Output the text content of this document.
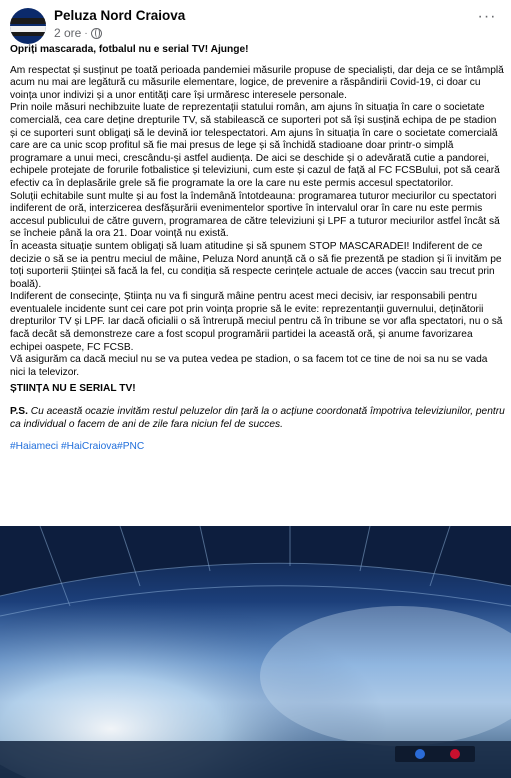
Peluza Nord Craiova
2 ore ·
···

Opriți mascarada, fotbalul nu e serial TV! Ajunge!

Am respectat și susținut pe toată perioada pandemiei măsurile propuse de specialiști, dar deja ce se întâmplă acum nu mai are legătură cu măsurile elementare, logice, de prevenire a răspândirii Covid-19, ci doar cu voința unor indivizi și a unor entități care își urmăresc interesele personale.

Prin noile măsuri nechibzuite luate de reprezentații statului român, am ajuns în situația în care o societate comercială, cea care deține drepturile TV, să stabilească ce suporteri pot să își susțină echipa de pe stadion și ce suporteri sunt obligați să le devină ior telespectatori. Am ajuns în situația în care o societate comercială care are ca unic scop profitul să fie mai presus de lege și să închidă stadioane doar printr-o simplă programare a unui meci, crescându-și astfel audiența. De aici se deschide și o adevărată cutie a pandorei, echipele protejate de forurile fotbalistice și televiziuni, cum este și cazul de față al FC FCSBului, pot să ceară efectiv ca în deplasările grele să fie programate la ore la care nu este permis accesul spectatorilor.

Soluții echitabile sunt multe și au fost la îndemână întotdeauna: programarea tuturor meciurilor cu spectatori indiferent de oră, interzicerea desfășurării evenimentelor sportive în intervalul orar în care nu este permis accesul publicului de către guvern, programarea de către televiziuni și LPF a tuturor meciurilor astfel încât să se încheie până la ora 21. Doar voință nu există.

În aceasta situație suntem obligați să luam atitudine și să spunem STOP MASCARADEI! Indiferent de ce decizie o să se ia pentru meciul de mâine, Peluza Nord anunță că o să fie prezentă pe stadion și îi invităm pe toți suporterii Științei să facă la fel, cu condiția să respecte cerințele actuale de acces (vaccin sau trecut prin boală).

Indiferent de consecințe, Știința nu va fi singură mâine pentru acest meci decisiv, iar responsabili pentru eventualele incidente sunt cei care pot prin voința proprie să le evite: reprezentanții guvernului, deținătorii drepturilor TV și LPF. Iar dacă oficialii o să întrerupă meciul pentru că în tribune se vor afla spectatori, nu o să facă decât să demonstreze care a fost scopul programării partidei la această oră, și anume favorizarea echipei oaspete, FC FCSB.

Vă asigurăm ca dacă meciul nu se va putea vedea pe stadion, o sa facem tot ce tine de noi sa nu se vada nici la televizor.

ȘTIINȚA NU E SERIAL TV!

P.S. Cu această ocazie invităm restul peluzelor din țară la o acțiune coordonată împotriva televiziunilor, pentru ca individual o facem de ani de zile fara niciun fel de succes.

#Haiameci #HaiCraiova#PNC
